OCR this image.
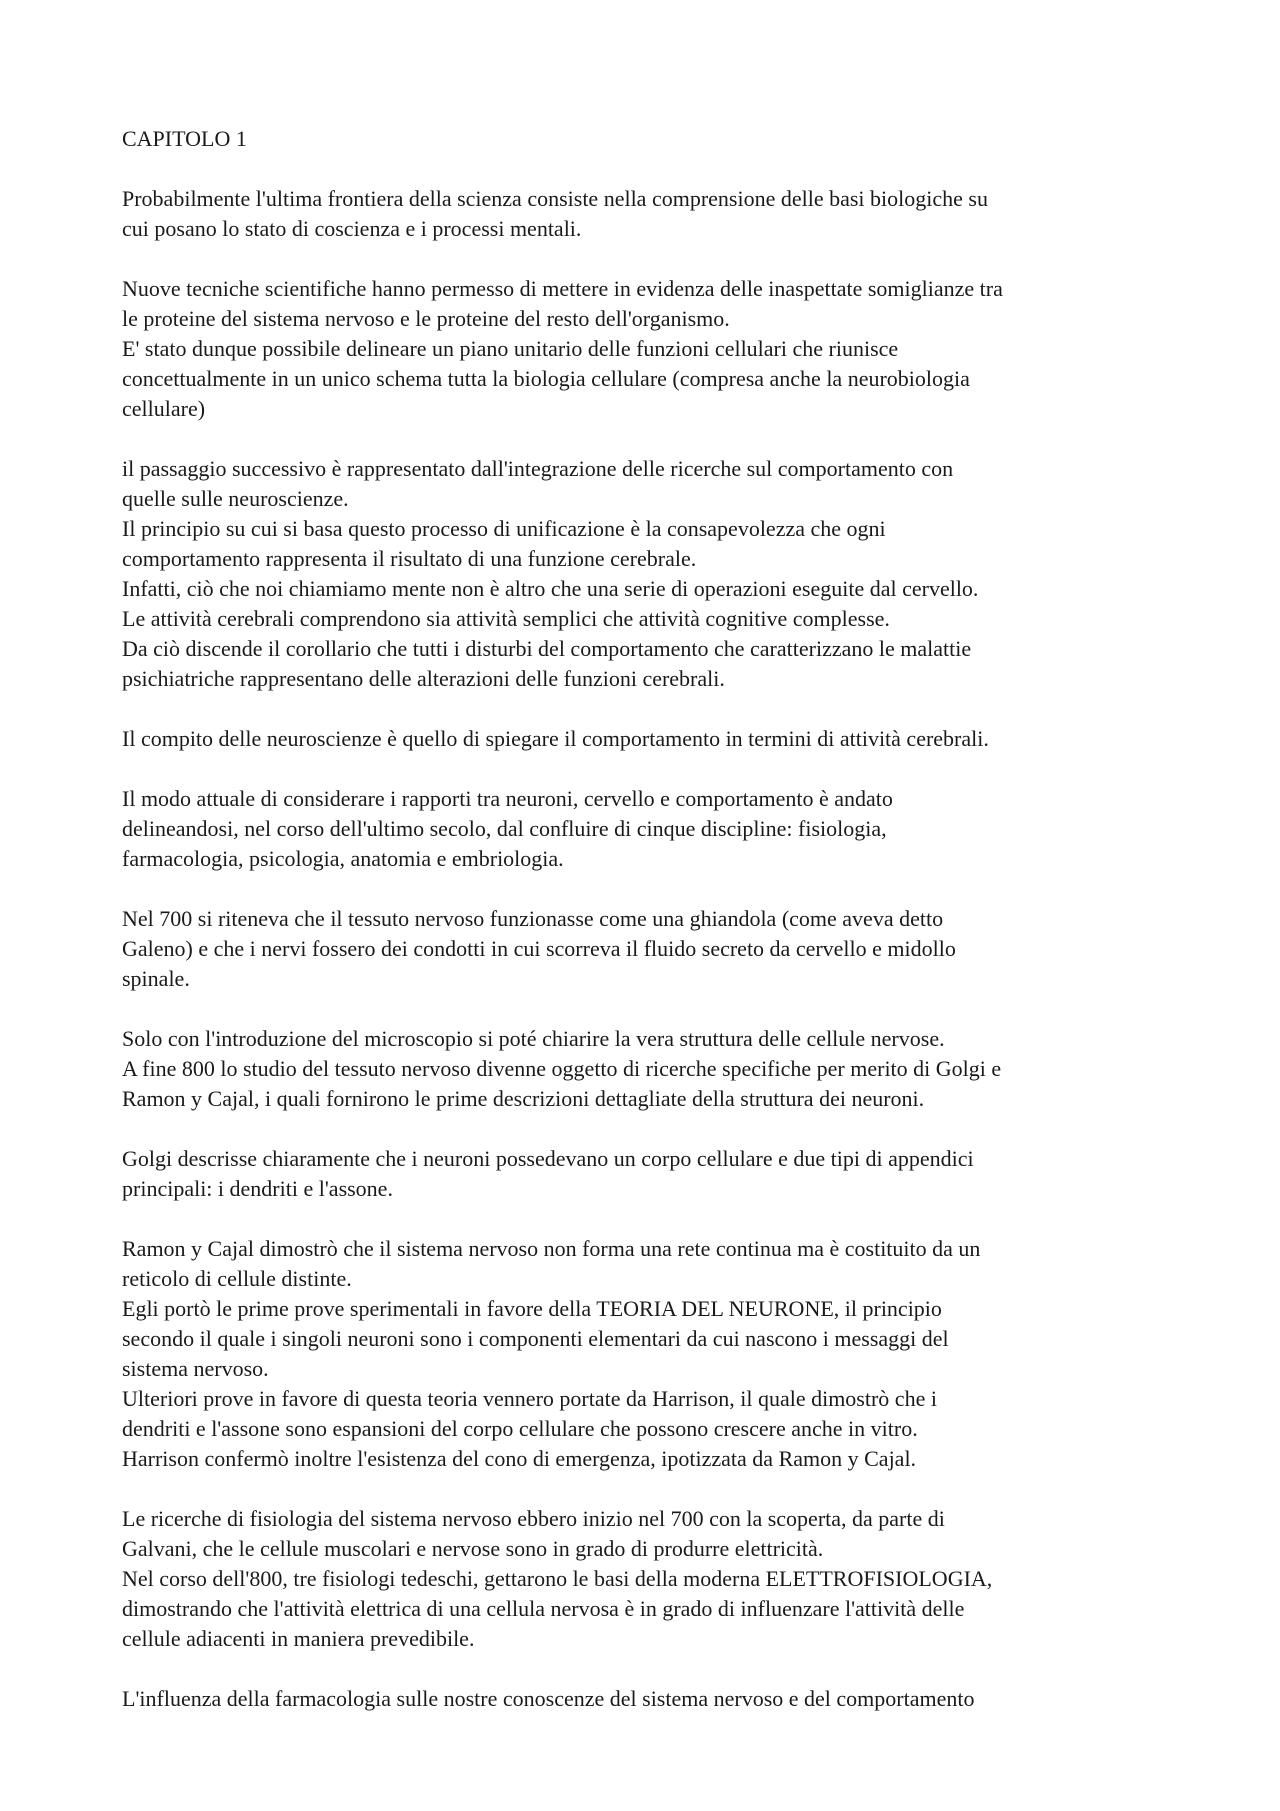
CAPITOLO 1
Probabilmente l'ultima frontiera della scienza consiste nella comprensione delle basi biologiche su
cui posano lo stato di coscienza e i processi mentali.
Nuove tecniche scientifiche hanno permesso di mettere in evidenza delle inaspettate somiglianze tra
le proteine del sistema nervoso e le proteine del resto dell'organismo.
E' stato dunque possibile delineare un piano unitario delle funzioni cellulari che riunisce
concettualmente in un unico schema tutta la biologia cellulare (compresa anche la neurobiologia
cellulare)
il passaggio successivo è rappresentato dall'integrazione delle ricerche sul comportamento con
quelle sulle neuroscienze.
Il principio su cui si basa questo processo di unificazione è la consapevolezza che ogni
comportamento rappresenta il risultato di una funzione cerebrale.
Infatti, ciò che noi chiamiamo mente non è altro che una serie di operazioni eseguite dal cervello.
Le attività cerebrali comprendono sia attività semplici che attività cognitive complesse.
Da ciò discende il corollario che tutti i disturbi del comportamento che caratterizzano le malattie
psichiatriche rappresentano delle alterazioni delle funzioni cerebrali.
Il compito delle neuroscienze è quello di spiegare il comportamento in termini di attività cerebrali.
Il modo attuale di considerare i rapporti tra neuroni, cervello e comportamento è andato
delineandosi, nel corso dell'ultimo secolo, dal confluire di cinque discipline: fisiologia,
farmacologia, psicologia, anatomia e embriologia.
Nel 700 si riteneva che il tessuto nervoso funzionasse come una ghiandola (come aveva detto
Galeno) e che i nervi fossero dei condotti in cui scorreva il fluido secreto da cervello e midollo
spinale.
Solo con l'introduzione del microscopio si poté chiarire la vera struttura delle cellule nervose.
A fine 800 lo studio del tessuto nervoso divenne oggetto di ricerche specifiche per merito di Golgi e
Ramon y Cajal, i quali fornirono le prime descrizioni dettagliate della struttura dei neuroni.
Golgi descrisse chiaramente che i neuroni possedevano un corpo cellulare e due tipi di appendici
principali: i dendriti e l'assone.
Ramon y Cajal dimostrò che il sistema nervoso non forma una rete continua ma è costituito da un
reticolo di cellule distinte.
Egli portò le prime prove sperimentali in favore della TEORIA DEL NEURONE, il principio
secondo il quale i singoli neuroni sono i componenti elementari da cui nascono i messaggi del
sistema nervoso.
Ulteriori prove in favore di questa teoria vennero portate da Harrison, il quale dimostrò che i
dendriti e l'assone sono espansioni del corpo cellulare che possono crescere anche in vitro.
Harrison confermò inoltre l'esistenza del cono di emergenza, ipotizzata da Ramon y Cajal.
Le ricerche di fisiologia del sistema nervoso ebbero inizio nel 700 con la scoperta, da parte di
Galvani, che le cellule muscolari e nervose sono in grado di produrre elettricità.
Nel corso dell'800, tre fisiologi tedeschi, gettarono le basi della moderna ELETTROFISIOLOGIA,
dimostrando che l'attività elettrica di una cellula nervosa è in grado di influenzare l'attività delle
cellule adiacenti in maniera prevedibile.
L'influenza della farmacologia sulle nostre conoscenze del sistema nervoso e del comportamento
